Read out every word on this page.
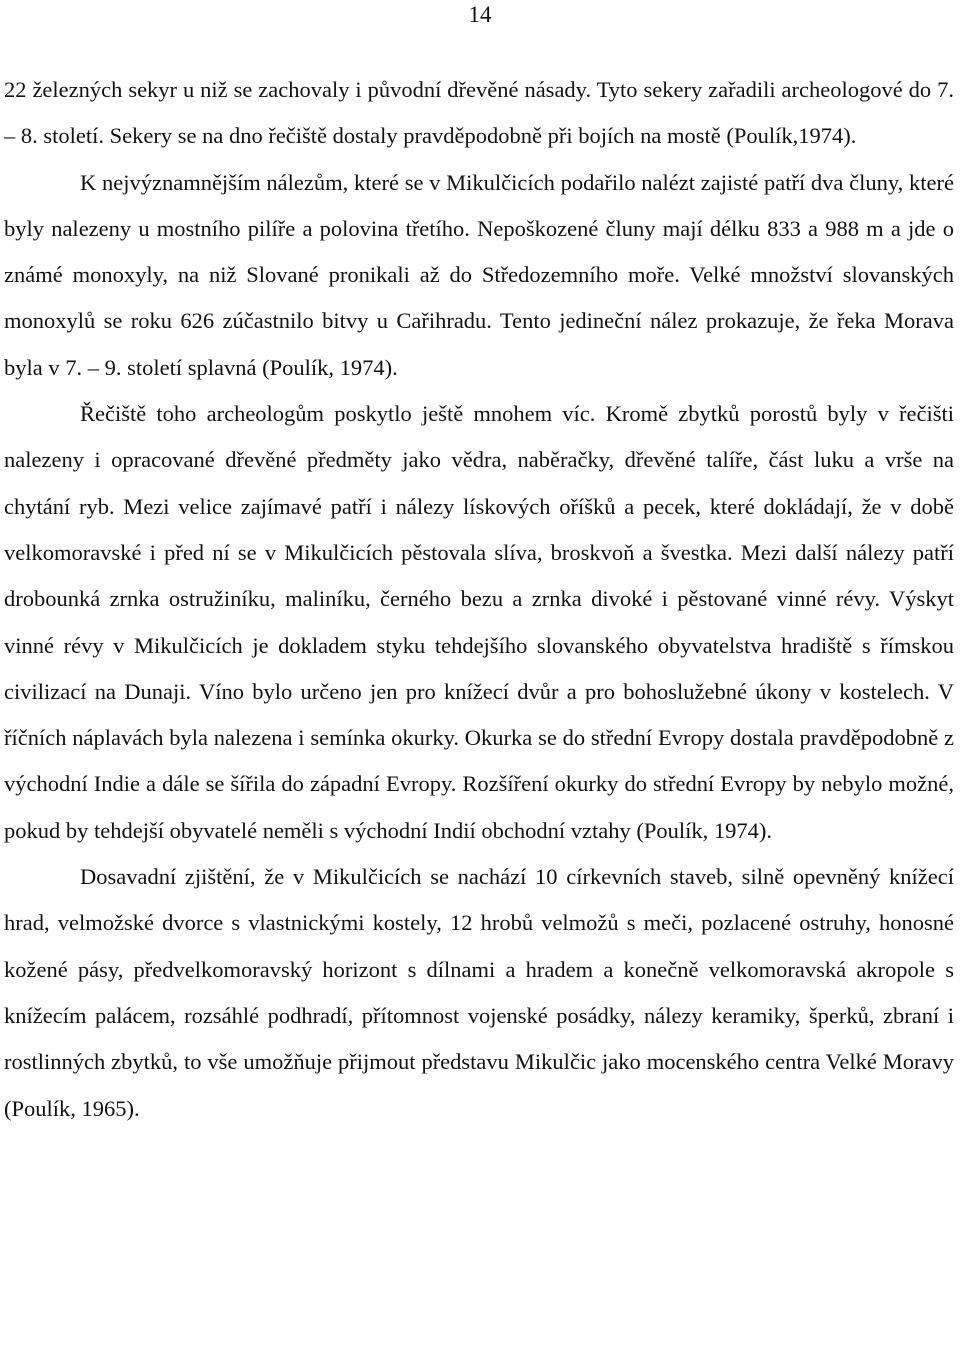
14

22 železných sekyr u niž se zachovaly i původní dřevěné násady. Tyto sekery zařadili archeologové do 7. – 8. století. Sekery se na dno řečiště dostaly pravděpodobně při bojích na mostě (Poulík,1974).

K nejvýznamnějším nálezům, které se v Mikulčicích podařilo nalézt zajisté patří dva čluny, které byly nalezeny u mostního pilíře a polovina třetího. Nepoškozené čluny mají délku 833 a 988 m a jde o známé monoxyly, na niž Slované pronikali až do Středozemního moře. Velké množství slovanských monoxylů se roku 626 zúčastnilo bitvy u Cařihradu. Tento jedineční nález prokazuje, že řeka Morava byla v 7. – 9. století splavná (Poulík, 1974).

Řečiště toho archeologům poskytlo ještě mnohem víc. Kromě zbytků porostů byly v řečišti nalezeny i opracované dřevěné předměty jako vědra, naběračky, dřevěné talíře, část luku a vrše na chytání ryb. Mezi velice zajímavé patří i nálezy lískových oříšků a pecek, které dokládají, že v době velkomoravské i před ní se v Mikulčicích pěstovala slíva, broskvoň a švestka. Mezi další nálezy patří drobounká zrnka ostružiníku, maliníku, černého bezu a zrnka divoké i pěstované vinné révy. Výskyt vinné révy v Mikulčicích je dokladem styku tehdejšího slovanského obyvatelstva hradiště s římskou civilizací na Dunaji. Víno bylo určeno jen pro knížecí dvůr a pro bohoslužebné úkony v kostelech. V říčních náplavách byla nalezena i semínka okurky. Okurka se do střední Evropy dostala pravděpodobně z východní Indie a dále se šířila do západní Evropy. Rozšíření okurky do střední Evropy by nebylo možné, pokud by tehdejší obyvatelé neměli s východní Indií obchodní vztahy (Poulík, 1974).

Dosavadní zjištění, že v Mikulčicích se nachází 10 církevních staveb, silně opevněný knížecí hrad, velmožské dvorce s vlastnickými kostely, 12 hrobů velmožů s meči, pozlacené ostruhy, honosné kožené pásy, předvelkomoravský horizont s dílnami a hradem a konečně velkomoravská akropole s knížecím palácem, rozsáhlé podhradí, přítomnost vojenské posádky, nálezy keramiky, šperků, zbraní i rostlinných zbytků, to vše umožňuje přijmout představu Mikulčic jako mocenského centra Velké Moravy (Poulík, 1965).
